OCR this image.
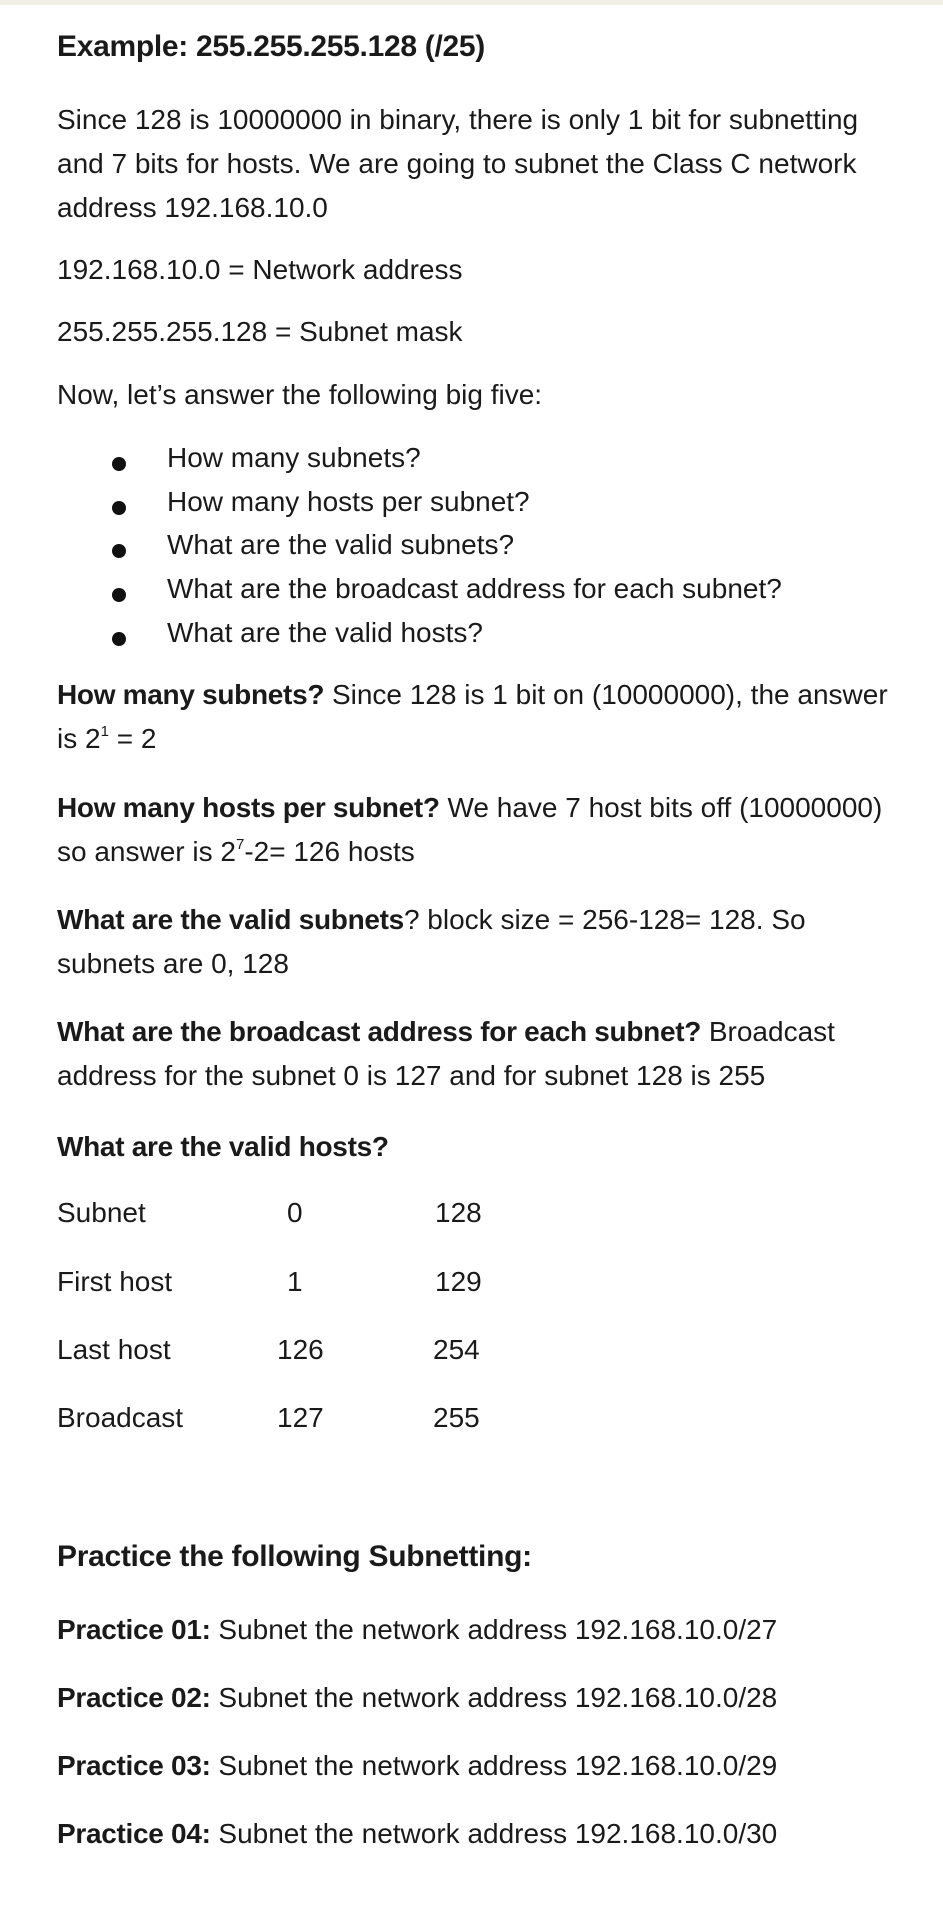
Example: 255.255.255.128 (/25)
Since 128 is 10000000 in binary, there is only 1 bit for subnetting and 7 bits for hosts. We are going to subnet the Class C network address 192.168.10.0
192.168.10.0 = Network address
255.255.255.128 = Subnet mask
Now, let’s answer the following big five:
How many subnets?
How many hosts per subnet?
What are the valid subnets?
What are the broadcast address for each subnet?
What are the valid hosts?
How many subnets? Since 128 is 1 bit on (10000000), the answer is $2^1 = 2$
How many hosts per subnet? We have 7 host bits off (10000000) so answer is $2^7-2= 126$ hosts
What are the valid subnets? block size = 256-128= 128. So subnets are 0, 128
What are the broadcast address for each subnet? Broadcast address for the subnet 0 is 127 and for subnet 128 is 255
What are the valid hosts?
Subnet	0	128
First host	1	129
Last host	126	254
Broadcast	127	255
Practice the following Subnetting:
Practice 01: Subnet the network address 192.168.10.0/27
Practice 02: Subnet the network address 192.168.10.0/28
Practice 03: Subnet the network address 192.168.10.0/29
Practice 04: Subnet the network address 192.168.10.0/30
